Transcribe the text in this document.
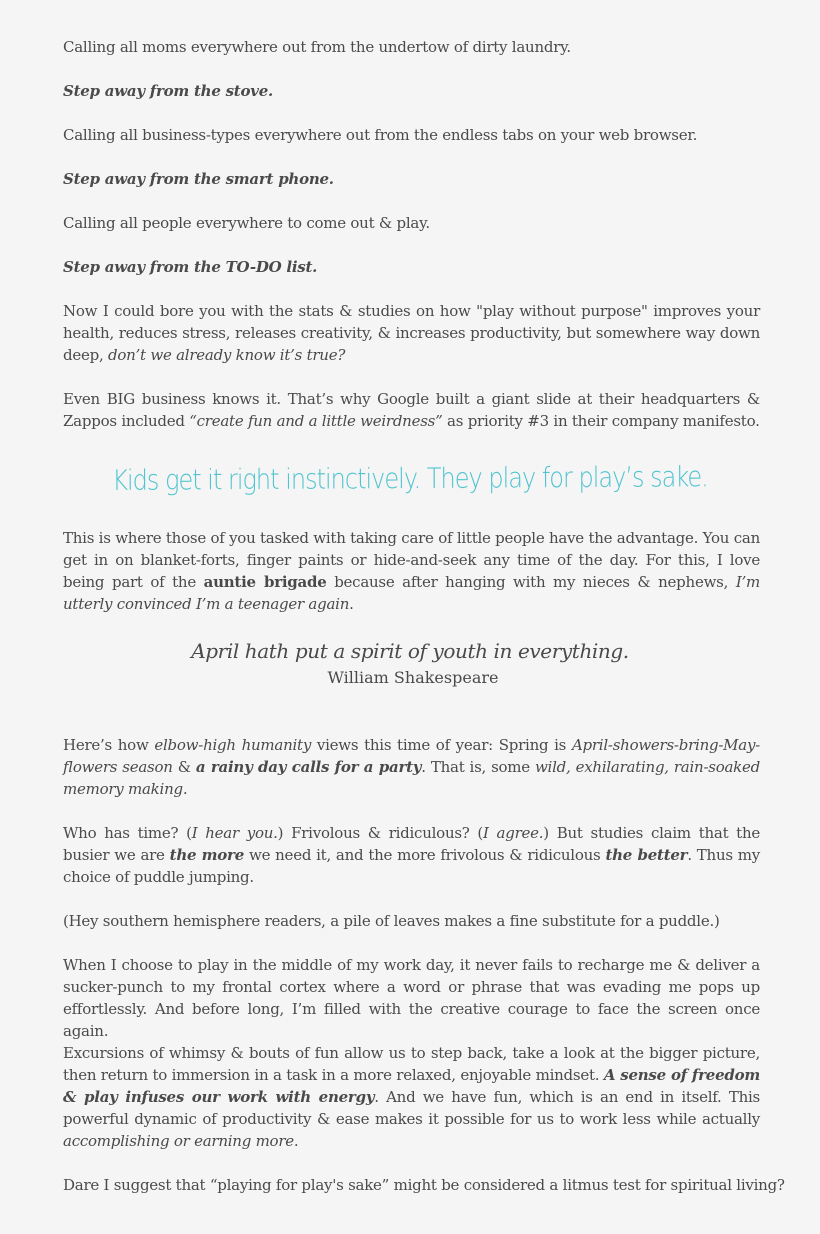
Calling all moms everywhere out from the undertow of dirty laundry.
Step away from the stove.
Calling all business-types everywhere out from the endless tabs on your web browser.
Step away from the smart phone.
Calling all people everywhere to come out & play.
Step away from the TO-DO list.
Now I could bore you with the stats & studies on how "play without purpose" improves your health, reduces stress, releases creativity, & increases productivity, but somewhere way down deep, don’t we already know it’s true?
Even BIG business knows it. That’s why Google built a giant slide at their headquarters & Zappos included “create fun and a little weirdness” as priority #3 in their company manifesto.
Kids get it right instinctively. They play for play’s sake.
This is where those of you tasked with taking care of little people have the advantage. You can get in on blanket-forts, finger paints or hide-and-seek any time of the day. For this, I love being part of the auntie brigade because after hanging with my nieces & nephews, I’m utterly convinced I’m a teenager again.
April hath put a spirit of youth in everything.
William Shakespeare
Here’s how elbow-high humanity views this time of year: Spring is April-showers-bring-May-flowers season & a rainy day calls for a party. That is, some wild, exhilarating, rain-soaked memory making.
Who has time? (I hear you.) Frivolous & ridiculous? (I agree.) But studies claim that the busier we are the more we need it, and the more frivolous & ridiculous the better. Thus my choice of puddle jumping.
(Hey southern hemisphere readers, a pile of leaves makes a fine substitute for a puddle.)
When I choose to play in the middle of my work day, it never fails to recharge me & deliver a sucker-punch to my frontal cortex where a word or phrase that was evading me pops up effortlessly. And before long, I’m filled with the creative courage to face the screen once again.
Excursions of whimsy & bouts of fun allow us to step back, take a look at the bigger picture, then return to immersion in a task in a more relaxed, enjoyable mindset. A sense of freedom & play infuses our work with energy. And we have fun, which is an end in itself. This powerful dynamic of productivity & ease makes it possible for us to work less while actually accomplishing or earning more.
Dare I suggest that “playing for play's sake” might be considered a litmus test for spiritual living?
